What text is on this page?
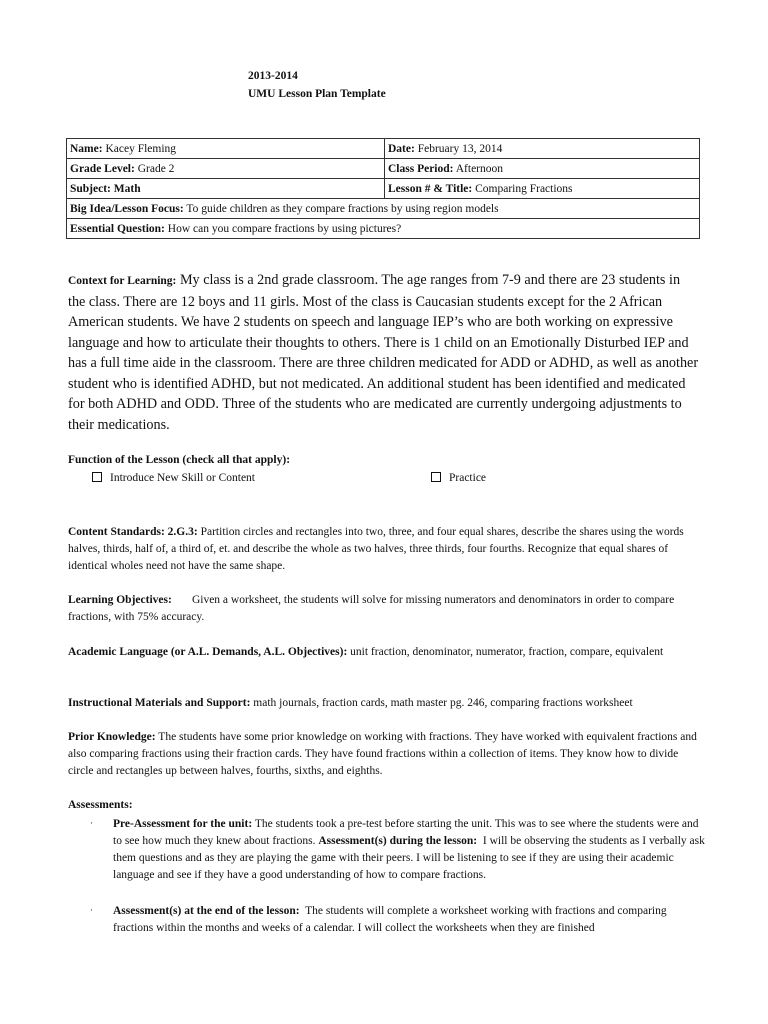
2013-2014
UMU Lesson Plan Template
Name: Kacey Fleming	Date: February 13, 2014
Grade Level: Grade 2	Class Period: Afternoon
Subject: Math	Lesson # & Title: Comparing Fractions
Big Idea/Lesson Focus: To guide children as they compare fractions by using region models	
Essential Question: How can you compare fractions by using pictures?	
Context for Learning: My class is a 2nd grade classroom. The age ranges from 7-9 and there are 23 students in the class. There are 12 boys and 11 girls. Most of the class is Caucasian students except for the 2 African American students. We have 2 students on speech and language IEP’s who are both working on expressive language and how to articulate their thoughts to others. There is 1 child on an Emotionally Disturbed IEP and has a full time aide in the classroom. There are three children medicated for ADD or ADHD, as well as another student who is identified ADHD, but not medicated. An additional student has been identified and medicated for both ADHD and ODD. Three of the students who are medicated are currently undergoing adjustments to their medications.
Function of the Lesson (check all that apply):
Introduce New Skill or Content	Practice
Content Standards: 2.G.3: Partition circles and rectangles into two, three, and four equal shares, describe the shares using the words halves, thirds, half of, a third of, et. and describe the whole as two halves, three thirds, four fourths. Recognize that equal shares of identical wholes need not have the same shape.
Learning Objectives: Given a worksheet, the students will solve for missing numerators and denominators in order to compare fractions, with 75% accuracy.
Academic Language (or A.L. Demands, A.L. Objectives): unit fraction, denominator, numerator, fraction, compare, equivalent
Instructional Materials and Support: math journals, fraction cards, math master pg. 246, comparing fractions worksheet
Prior Knowledge: The students have some prior knowledge on working with fractions. They have worked with equivalent fractions and also comparing fractions using their fraction cards. They have found fractions within a collection of items. They know how to divide circle and rectangles up between halves, fourths, sixths, and eighths.
Assessments:
· Pre-Assessment for the unit: The students took a pre-test before starting the unit. This was to see where the students were and to see how much they knew about fractions. Assessment(s) during the lesson: I will be observing the students as I verbally ask them questions and as they are playing the game with their peers. I will be listening to see if they are using their academic language and see if they have a good understanding of how to compare fractions.
· Assessment(s) at the end of the lesson: The students will complete a worksheet working with fractions and comparing fractions within the months and weeks of a calendar. I will collect the worksheets when they are finished
